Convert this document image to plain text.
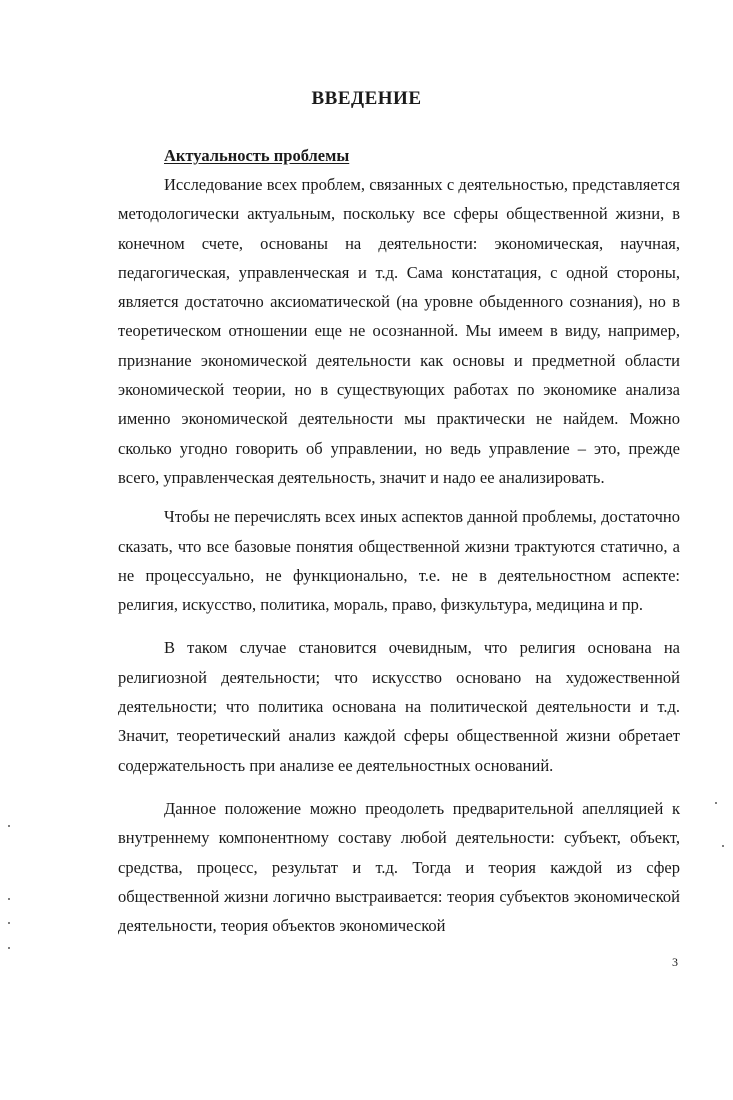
ВВЕДЕНИЕ
Актуальность проблемы

Исследование всех проблем, связанных с деятельностью, представляется методологически актуальным, поскольку все сферы общественной жизни, в конечном счете, основаны на деятельности: экономическая, научная, педагогическая, управленческая и т.д. Сама констатация, с одной стороны, является достаточно аксиоматической (на уровне обыденного сознания), но в теоретическом отношении еще не осознанной. Мы имеем в виду, например, признание экономической деятельности как основы и предметной области экономической теории, но в существующих работах по экономике анализа именно экономической деятельности мы практически не найдем. Можно сколько угодно говорить об управлении, но ведь управление – это, прежде всего, управленческая деятельность, значит и надо ее анализировать.

Чтобы не перечислять всех иных аспектов данной проблемы, достаточно сказать, что все базовые понятия общественной жизни трактуются статично, а не процессуально, не функционально, т.е. не в деятельностном аспекте: религия, искусство, политика, мораль, право, физкультура, медицина и пр.

В таком случае становится очевидным, что религия основана на религиозной деятельности; что искусство основано на художественной деятельности; что политика основана на политической деятельности и т.д. Значит, теоретический анализ каждой сферы общественной жизни обретает содержательность при анализе ее деятельностных оснований.

Данное положение можно преодолеть предварительной апелляцией к внутреннему компонентному составу любой деятельности: субъект, объект, средства, процесс, результат и т.д. Тогда и теория каждой из сфер общественной жизни логично выстраивается: теория субъектов экономической деятельности, теория объектов экономической

3
